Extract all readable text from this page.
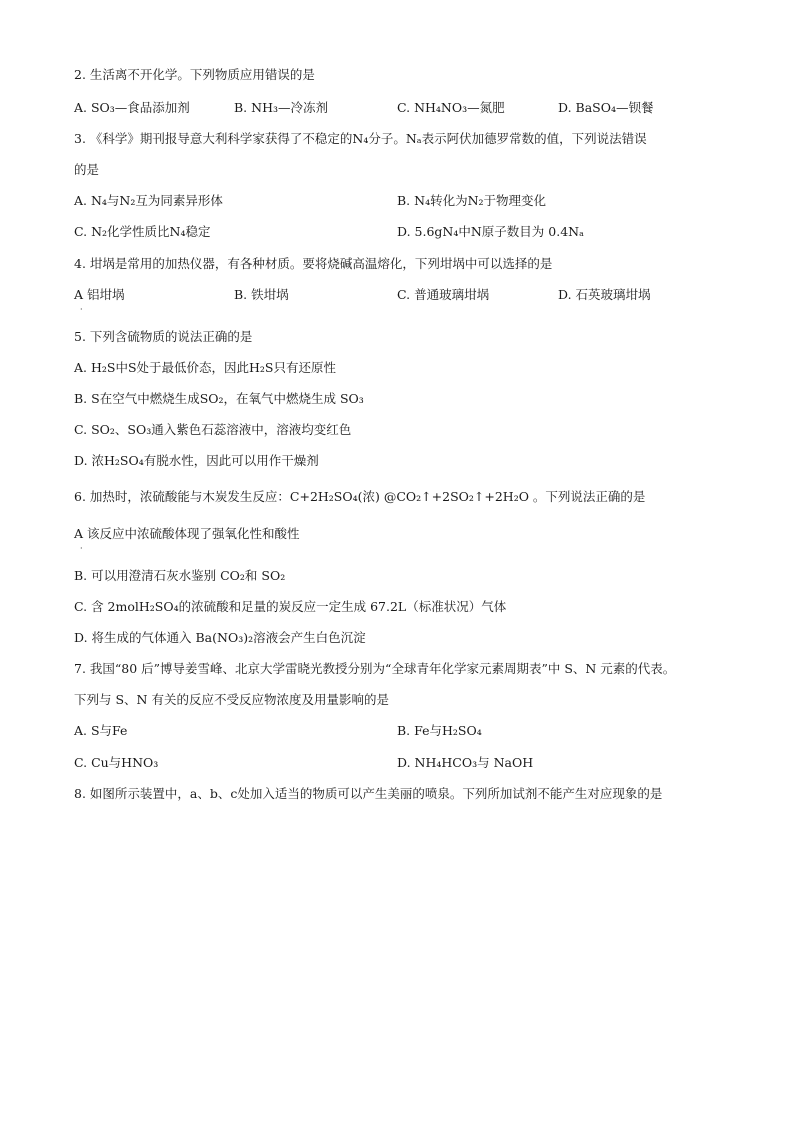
2. 生活离不开化学。下列物质应用错误的是
A. SO₃—食品添加剂	B. NH₃—冷冻剂	C. NH₄NO₃—氮肥	D. BaSO₄—钡餐
3. 《科学》期刊报导意大利科学家获得了不稳定的N₄分子。Nₐ表示阿伏加德罗常数的值，下列说法错误
的是
A. N₄与N₂互为同素异形体	B. N₄转化为N₂于物理变化
C. N₂化学性质比N₄稳定	D. 5.6gN₄中N原子数目为 0.4Nₐ
4. 坩埚是常用的加热仪器，有各种材质。要将烧碱高温熔化，下列坩埚中可以选择的是
A 铝坩埚
·
B. 铁坩埚	C. 普通玻璃坩埚	D. 石英玻璃坩埚
5. 下列含硫物质的说法正确的是
A. H₂S中S处于最低价态，因此H₂S只有还原性
B. S在空气中燃烧生成SO₂，在氧气中燃烧生成 SO₃
C. SO₂、SO₃通入紫色石蕊溶液中，溶液均变红色
D. 浓H₂SO₄有脱水性，因此可以用作干燥剂
6. 加热时，浓硫酸能与木炭发生反应：C+2H₂SO₄(浓) @CO₂↑+2SO₂↑+2H₂O 。下列说法正确的是
A 该反应中浓硫酸体现了强氧化性和酸性
·
B. 可以用澄清石灰水鉴别 CO₂和 SO₂
C. 含 2molH₂SO₄的浓硫酸和足量的炭反应一定生成 67.2L（标准状况）气体
D. 将生成的气体通入 Ba(NO₃)₂溶液会产生白色沉淀
7. 我国“80 后”博导姜雪峰、北京大学雷晓光教授分别为“全球青年化学家元素周期表”中 S、N 元素的代表。
下列与 S、N 有关的反应不受反应物浓度及用量影响的是
A. S与Fe	B. Fe与H₂SO₄
C. Cu与HNO₃	D. NH₄HCO₃与 NaOH
8. 如图所示装置中，a、b、c处加入适当的物质可以产生美丽的喷泉。下列所加试剂不能产生对应现象的是
